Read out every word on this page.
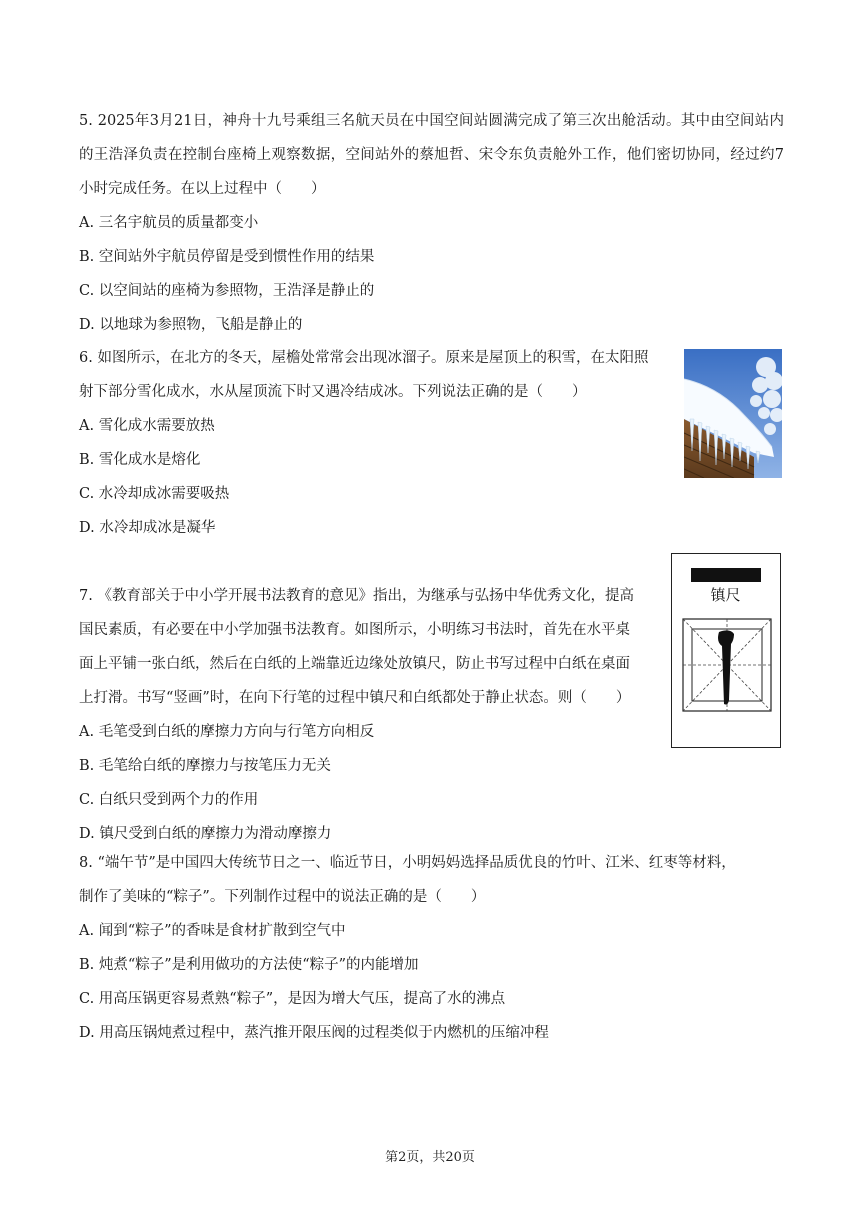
5. 2025年3月21日，神舟十九号乘组三名航天员在中国空间站圆满完成了第三次出舱活动。其中由空间站内的王浩泽负责在控制台座椅上观察数据，空间站外的蔡旭哲、宋令东负责舱外工作，他们密切协同，经过约7小时完成任务。在以上过程中（　　）

A. 三名宇航员的质量都变小

B. 空间站外宇航员停留是受到惯性作用的结果

C. 以空间站的座椅为参照物，王浩泽是静止的

D. 以地球为参照物，飞船是静止的

6. 如图所示，在北方的冬天，屋檐处常常会出现冰溜子。原来是屋顶上的积雪，在太阳照

射下部分雪化成水，水从屋顶流下时又遇冷结成冰。下列说法正确的是（　　）

A. 雪化成水需要放热

B. 雪化成水是熔化

C. 水冷却成冰需要吸热

D. 水冷却成冰是凝华

7. 《教育部关于中小学开展书法教育的意见》指出，为继承与弘扬中华优秀文化，提高

国民素质，有必要在中小学加强书法教育。如图所示，小明练习书法时，首先在水平桌

面上平铺一张白纸，然后在白纸的上端靠近边缘处放镇尺，防止书写过程中白纸在桌面

上打滑。书写“竖画”时，在向下行笔的过程中镇尺和白纸都处于静止状态。则（　　）

A. 毛笔受到白纸的摩擦力方向与行笔方向相反

B. 毛笔给白纸的摩擦力与按笔压力无关

C. 白纸只受到两个力的作用

D. 镇尺受到白纸的摩擦力为滑动摩擦力

镇尺

8. “端午节”是中国四大传统节日之一、临近节日，小明妈妈选择品质优良的竹叶、江米、红枣等材料，

制作了美味的“粽子”。下列制作过程中的说法正确的是（　　）

A. 闻到“粽子”的香味是食材扩散到空气中

B. 炖煮“粽子”是利用做功的方法使“粽子”的内能增加

C. 用高压锅更容易煮熟“粽子”，是因为增大气压，提高了水的沸点

D. 用高压锅炖煮过程中，蒸汽推开限压阀的过程类似于内燃机的压缩冲程

第2页，共20页
